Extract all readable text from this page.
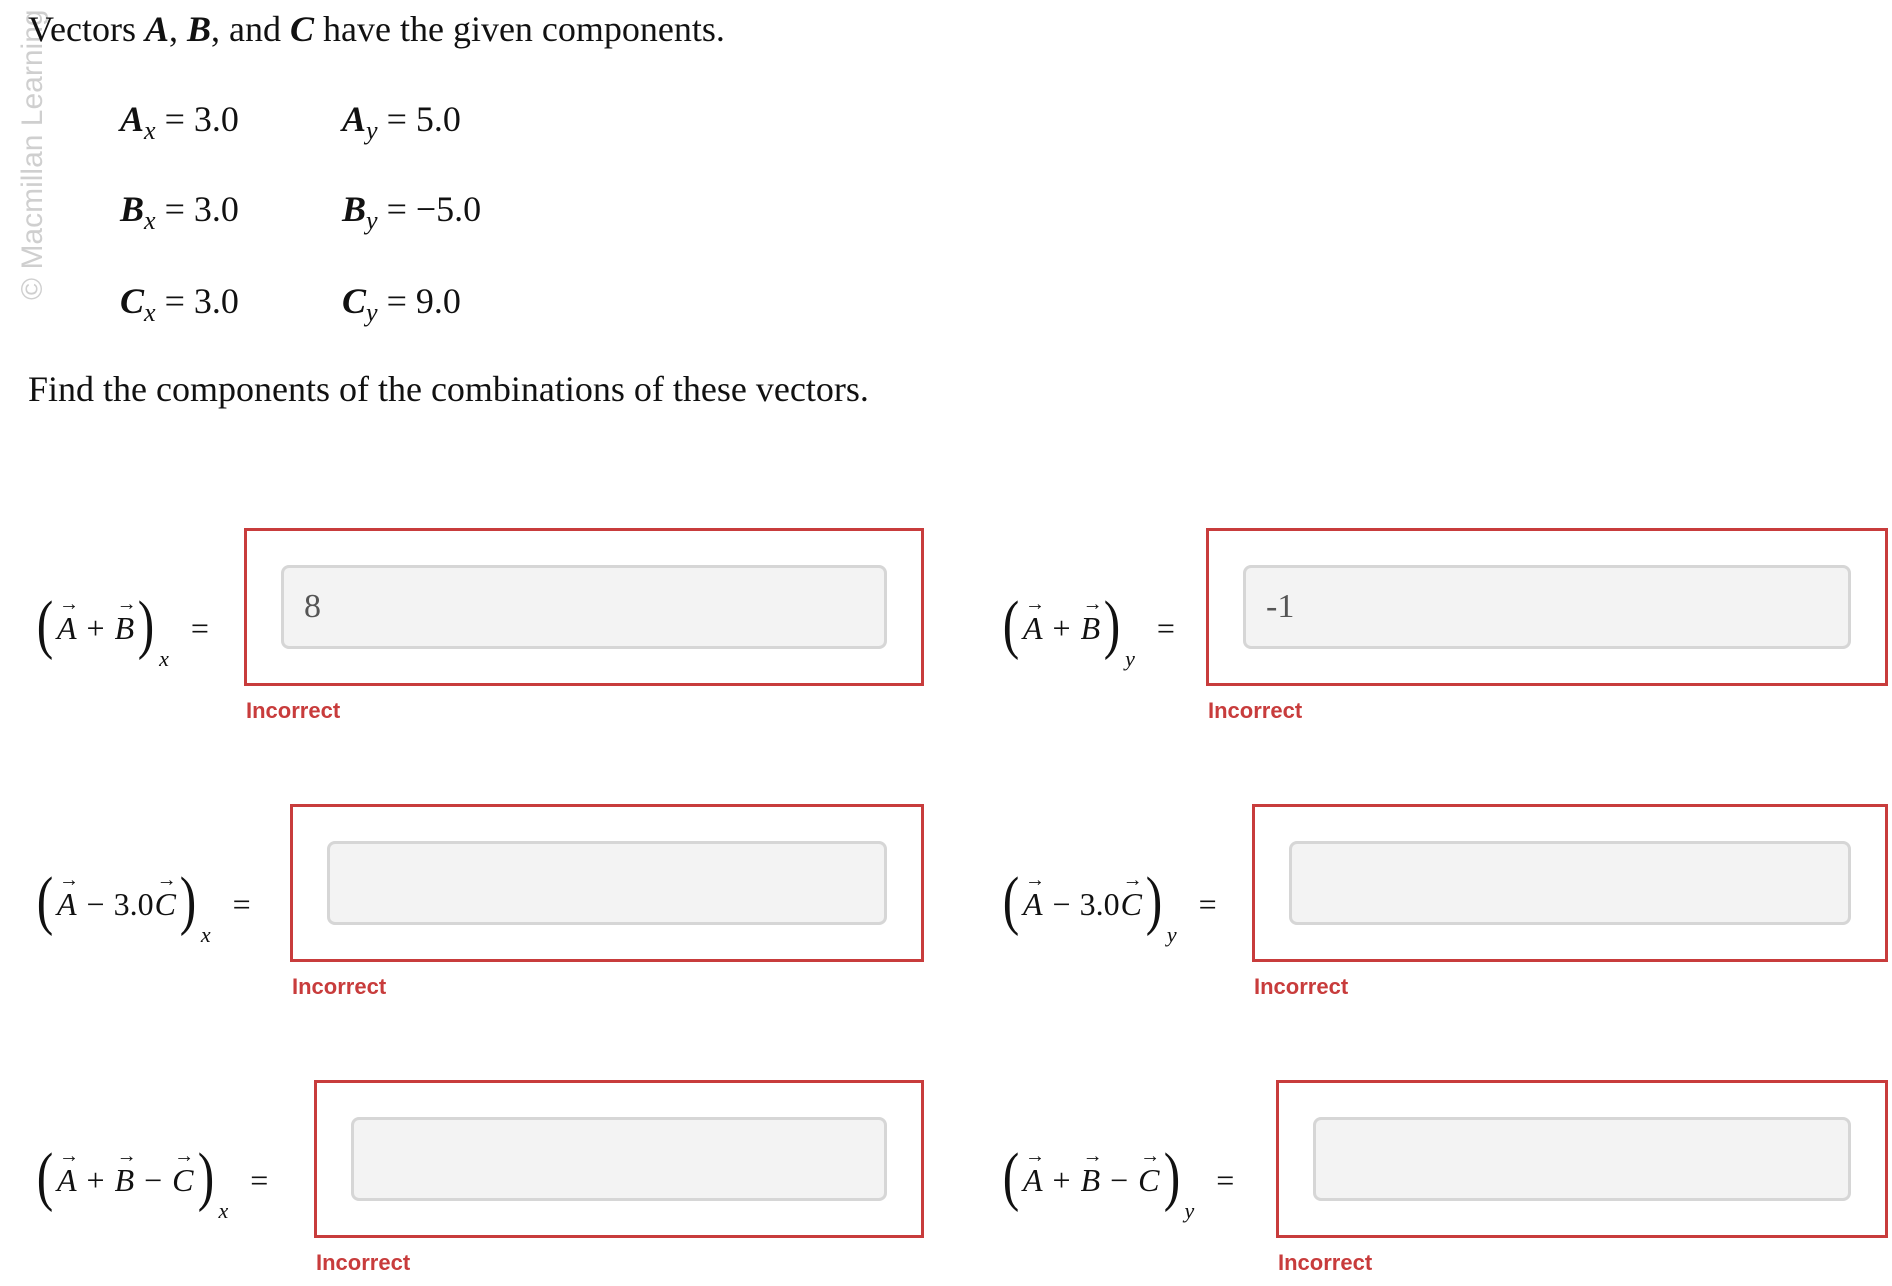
© Macmillan Learning

Vectors A, B, and C have the given components.

$A_x = 3.0$	$A_y = 5.0$
$B_x = 3.0$	$B_y = -5.0$
$C_x = 3.0$	$C_y = 9.0$

Find the components of the combinations of these vectors.

( → A + → B ) x
=
8
Incorrect
( → A + → B ) y
=
-1
Incorrect
( → A − 3.0 → C ) x
=
Incorrect
( → A − 3.0 → C ) y
=
Incorrect
( → A + → B − → C ) x
=
Incorrect
( → A + → B − → C ) y
=
Incorrect
